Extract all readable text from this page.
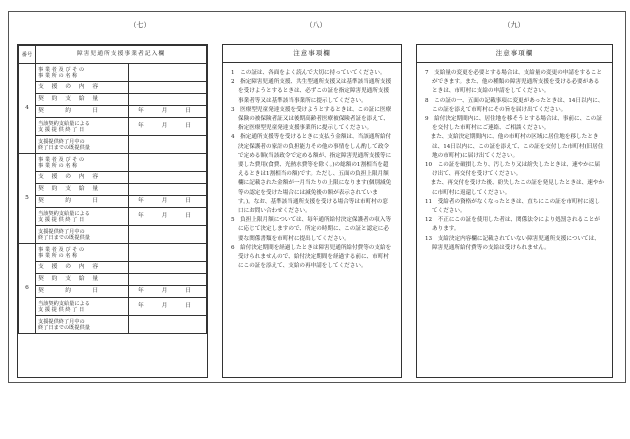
（七）	（八）	（九）
番号	障害児通所支援事業者記入欄	
4	事 業 者 及 び そ の
事 業 所 の 名 称	
	支　援　の　内　容	
	契　約　支　給　量	
	契　　　約　　　日	年　月　日
	当該契約支給量による
支 援 提 供 終 了 日	年　月　日
	支援提供終了月中の
終了日までの既提供量	
5	事 業 者 及 び そ の
事 業 所 の 名 称	
	支　援　の　内　容	
	契　約　支　給　量	
	契　　　約　　　日	年　月　日
	当該契約支給量による
支 援 提 供 終 了 日	年　月　日
	支援提供終了月中の
終了日までの既提供量	
6	事 業 者 及 び そ の
事 業 所 の 名 称	
	支　援　の　内　容	
	契　約　支　給　量	
	契　　　約　　　日	年　月　日
	当該契約支給量による
支 援 提 供 終 了 日	年　月　日
	支援提供終了月中の
終了日までの既提供量	
注意事項欄

1　この証は、各面をよく読んで大切に持っていてください。

2　指定障害児通所支援、共生型通所支援又は基準該当通所支援を受けようとするときは、必ずこの証を指定障害児通所支援事業者等又は基準該当事業所に提示してください。

3　医療型児童発達支援を受けようとするときは、この証に医療保険の被保険者証又は後期高齢者医療被保険者証を添えて、指定医療型児童発達支援事業所に提示してください。

4　指定通所支援等を受けるときに支払う金額は、当該通所給付決定保護者の家計の負担能力その他の事情をしん酌して政令で定める額(当該政令で定める額が、指定障害児通所支援等に要した費用(食費、光熱水費等を除く。)の総額の1割相当を超えるときは1割相当の額)です。ただし、五面の負担上限月額欄に記載された金額が一月当たりの上限になります(個別減免等の認定を受けた場合には減免後の額が表示されています。)。なお、基準該当通所支援を受ける場合等は市町村の窓口にお問い合わせください。

5　負担上限月額については、毎年通所給付決定保護者の収入等に応じて決定しますので、所定の時期に、この証と認定に必要な関係書類を市町村に提出してください。

6　給付決定期間を経過したときは障害児通所給付費等の支給を受けられませんので、給付決定期間を経過する前に、市町村にこの証を添えて、支給の再申請をしてください。

注意事項欄

7　支給量の変更を必要とする場合は、支給量の変更の申請をすることができます。また、他の種類の障害児通所支援を受ける必要があるときは、市町村に支給の申請をしてください。

8　この証の一、五面の記載事項に変更があったときは、14日以内に、この証を添えて市町村にその旨を届け出てください。

9　給付決定期間内に、居住地を移そうとする場合は、事前に、この証を交付した市町村にご連絡、ご相談ください。

　また、支給決定期間内に、他の市町村の区域に居住地を移したときは、14日以内に、この証を添えて、この証を交付した市町村(旧居住地の市町村)に届け出てください。

10　この証を破損したり、汚したり又は紛失したときは、速やかに届け出て、再交付を受けてください。

　また、再交付を受けた後、紛失したこの証を発見したときは、速やかに市町村に返還してください。

11　受給者の資格がなくなったときは、直ちにこの証を市町村に返してください。

12　不正にこの証を使用した者は、関係法令により処罰されることがあります。

13　支給決定内容欄に記載されていない障害児通所支援については、障害児通所給付費等の支給は受けられません。
